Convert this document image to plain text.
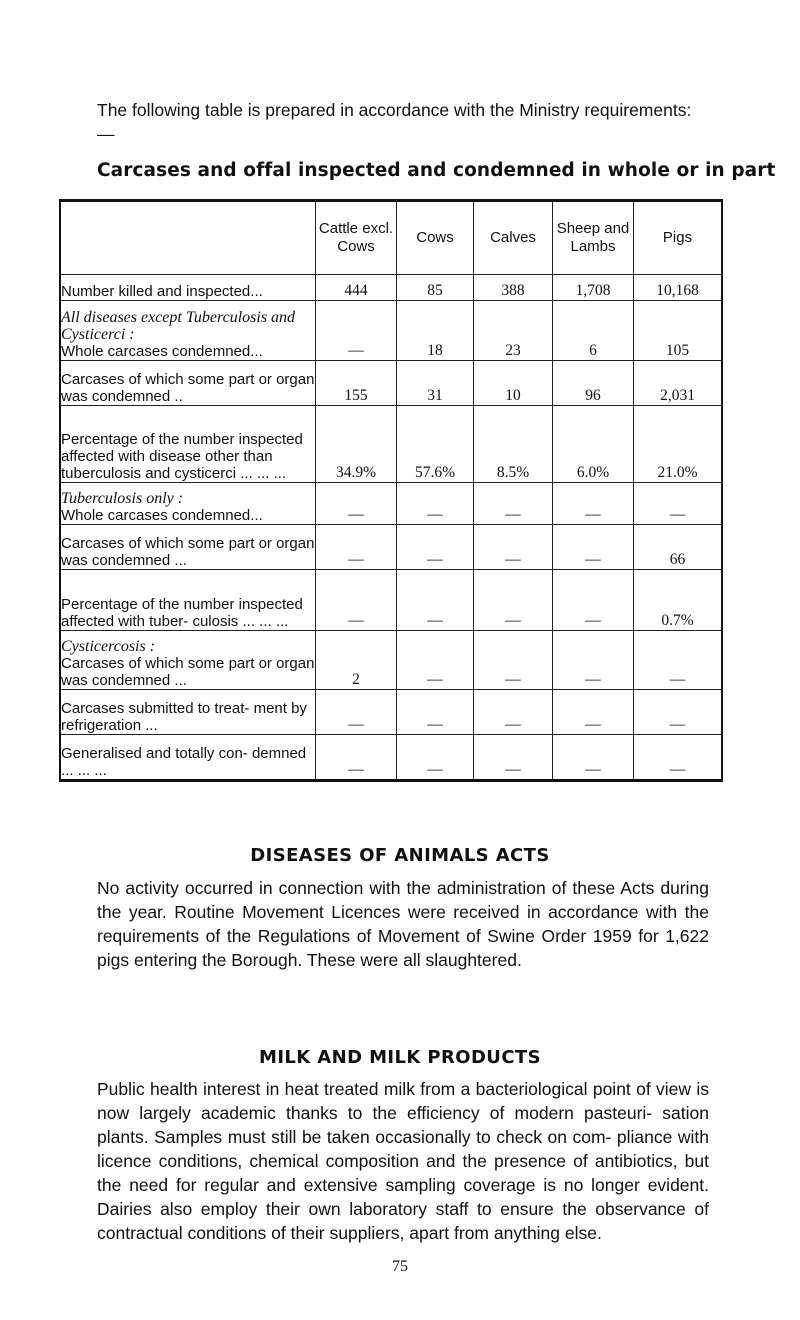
The following table is prepared in accordance with the Ministry requirements: —
Carcases and offal inspected and condemned in whole or in part
	Cattle excl. Cows	Cows	Calves	Sheep and Lambs	Pigs
Number killed and inspected...	444	85	388	1,708	10,168

All diseases except Tuberculosis and Cysticerci :
Whole carcases condemned...	—	18	23	6	105
Carcases of which some part or organ was condemned ..	155	31	10	96	2,031
Percentage of the number inspected affected with disease other than tuberculosis and cysticerci ... ... ...	34.9%	57.6%	8.5%	6.0%	21.0%

Tuberculosis only :
Whole carcases condemned...	—	—	—	—	—
Carcases of which some part or organ was condemned ...	—	—	—	—	66
Percentage of the number inspected affected with tuber- culosis ... ... ...	—	—	—	—	0.7%

Cysticercosis :
Carcases of which some part or organ was condemned ...	2	—	—	—	—
Carcases submitted to treat- ment by refrigeration ...	—	—	—	—	—
Generalised and totally con- demned ... ... ...	—	—	—	—	—
DISEASES OF ANIMALS ACTS
No activity occurred in connection with the administration of these Acts during the year. Routine Movement Licences were received in accordance with the requirements of the Regulations of Movement of Swine Order 1959 for 1,622 pigs entering the Borough. These were all slaughtered.
MILK AND MILK PRODUCTS
Public health interest in heat treated milk from a bacteriological point of view is now largely academic thanks to the efficiency of modern pasteuri- sation plants. Samples must still be taken occasionally to check on com- pliance with licence conditions, chemical composition and the presence of antibiotics, but the need for regular and extensive sampling coverage is no longer evident. Dairies also employ their own laboratory staff to ensure the observance of contractual conditions of their suppliers, apart from anything else.
75
